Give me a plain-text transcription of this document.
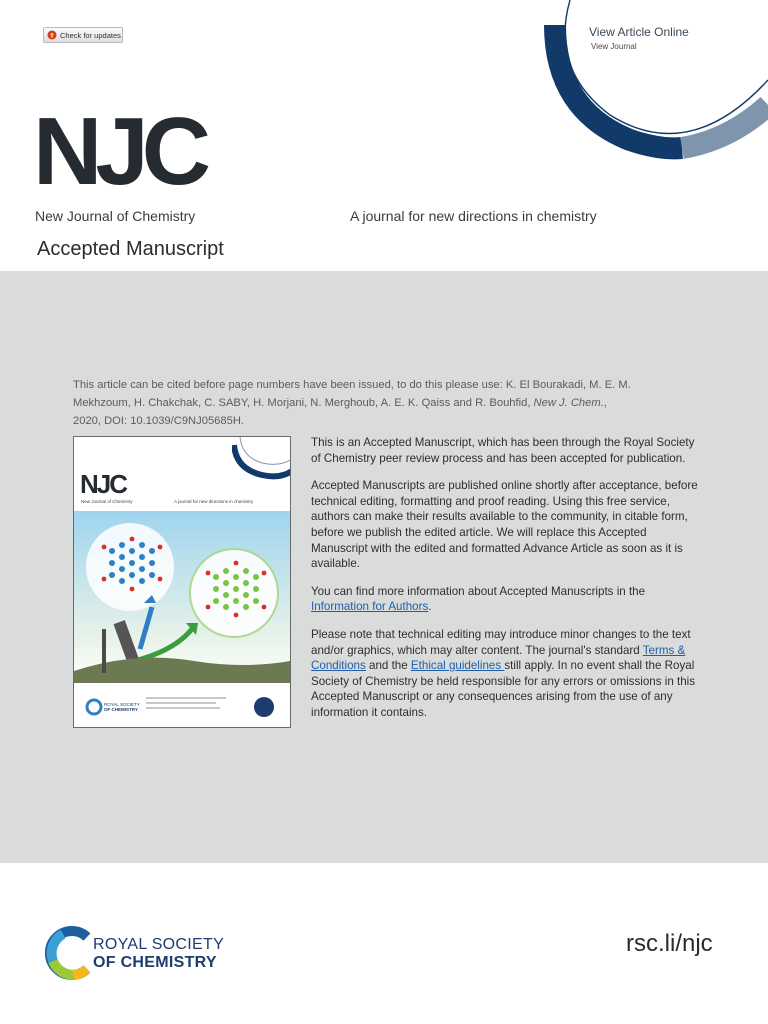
Check for updates	View Article Online
View Journal
NJC
New Journal of Chemistry	A journal for new directions in chemistry
Accepted Manuscript
This article can be cited before page numbers have been issued, to do this please use: K. El Bourakadi, M. E. M. Mekhzoum, H. Chakchak, C. SABY, H. Morjani, N. Merghoub, A. E. K. Qaiss and R. Bouhfid, New J. Chem., 2020, DOI: 10.1039/C9NJ05685H.
NJC
New Journal of Chemistry	A journal for new directions in chemistry
ROYAL SOCIETY
OF CHEMISTRY

This is an Accepted Manuscript, which has been through the Royal Society of Chemistry peer review process and has been accepted for publication.

Accepted Manuscripts are published online shortly after acceptance, before technical editing, formatting and proof reading. Using this free service, authors can make their results available to the community, in citable form, before we publish the edited article. We will replace this Accepted Manuscript with the edited and formatted Advance Article as soon as it is available.

You can find more information about Accepted Manuscripts in the Information for Authors.

Please note that technical editing may introduce minor changes to the text and/or graphics, which may alter content. The journal's standard Terms & Conditions and the Ethical guidelines still apply. In no event shall the Royal Society of Chemistry be held responsible for any errors or omissions in this Accepted Manuscript or any consequences arising from the use of any information it contains.

ROYAL SOCIETY
OF CHEMISTRY
rsc.li/njc
